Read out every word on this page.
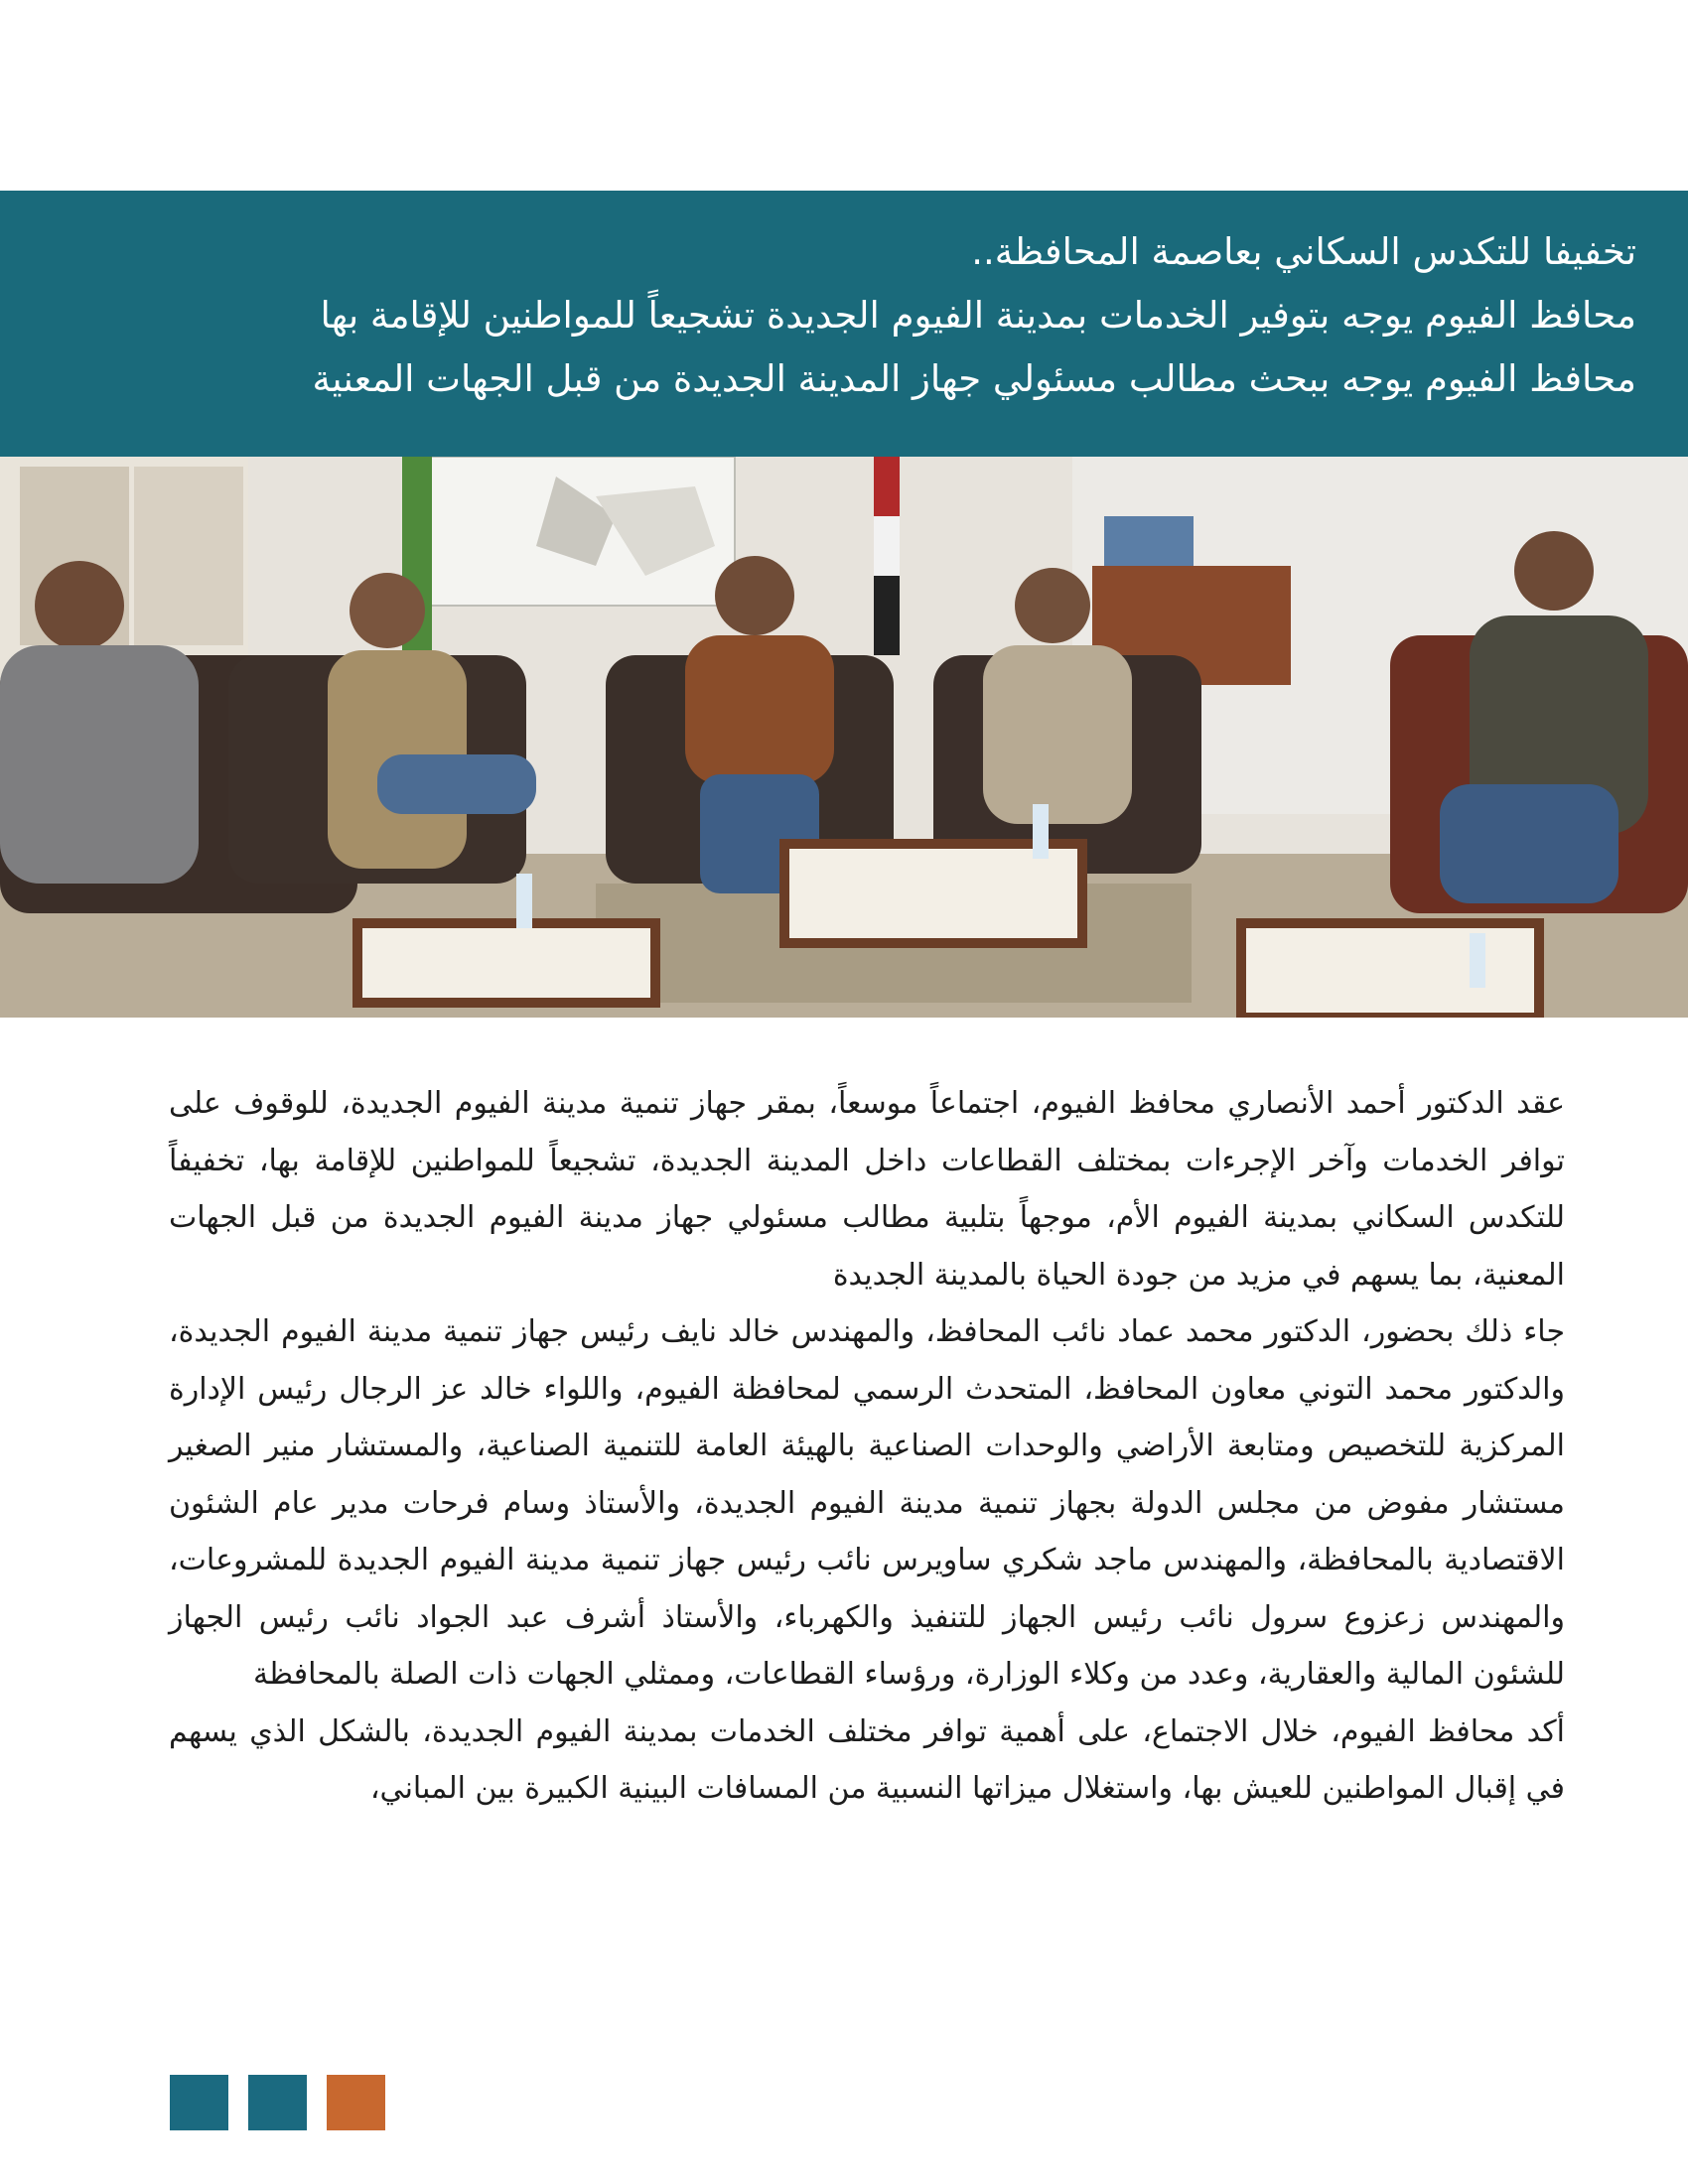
تخفيفا للتكدس السكاني بعاصمة المحافظة..
محافظ الفيوم يوجه بتوفير الخدمات بمدينة الفيوم الجديدة تشجيعاً للمواطنين للإقامة بها
محافظ الفيوم يوجه ببحث مطالب مسئولي جهاز المدينة الجديدة من قبل الجهات المعنية

عقد الدكتور أحمد الأنصاري محافظ الفيوم، اجتماعاً موسعاً، بمقر جهاز تنمية مدينة الفيوم الجديدة، للوقوف على توافر الخدمات وآخر الإجرءات بمختلف القطاعات داخل المدينة الجديدة، تشجيعاً للمواطنين للإقامة بها، تخفيفاً للتكدس السكاني بمدينة الفيوم الأم، موجهاً بتلبية مطالب مسئولي جهاز مدينة الفيوم الجديدة من قبل الجهات المعنية، بما يسهم في مزيد من جودة الحياة بالمدينة الجديدة

جاء ذلك بحضور، الدكتور محمد عماد نائب المحافظ، والمهندس خالد نايف رئيس جهاز تنمية مدينة الفيوم الجديدة، والدكتور محمد التوني معاون المحافظ، المتحدث الرسمي لمحافظة الفيوم، واللواء خالد عز الرجال رئيس الإدارة المركزية للتخصيص ومتابعة الأراضي والوحدات الصناعية بالهيئة العامة للتنمية الصناعية، والمستشار منير الصغير مستشار مفوض من مجلس الدولة بجهاز تنمية مدينة الفيوم الجديدة، والأستاذ وسام فرحات مدير عام الشئون الاقتصادية بالمحافظة، والمهندس ماجد شكري ساويرس نائب رئيس جهاز تنمية مدينة الفيوم الجديدة للمشروعات، والمهندس زعزوع سرول نائب رئيس الجهاز للتنفيذ والكهرباء، والأستاذ أشرف عبد الجواد نائب رئيس الجهاز للشئون المالية والعقارية، وعدد من وكلاء الوزارة، ورؤساء القطاعات، وممثلي الجهات ذات الصلة بالمحافظة

أكد محافظ الفيوم، خلال الاجتماع، على أهمية توافر مختلف الخدمات بمدينة الفيوم الجديدة، بالشكل الذي يسهم في إقبال المواطنين للعيش بها، واستغلال ميزاتها النسبية من المسافات البينية الكبيرة بين المباني،
